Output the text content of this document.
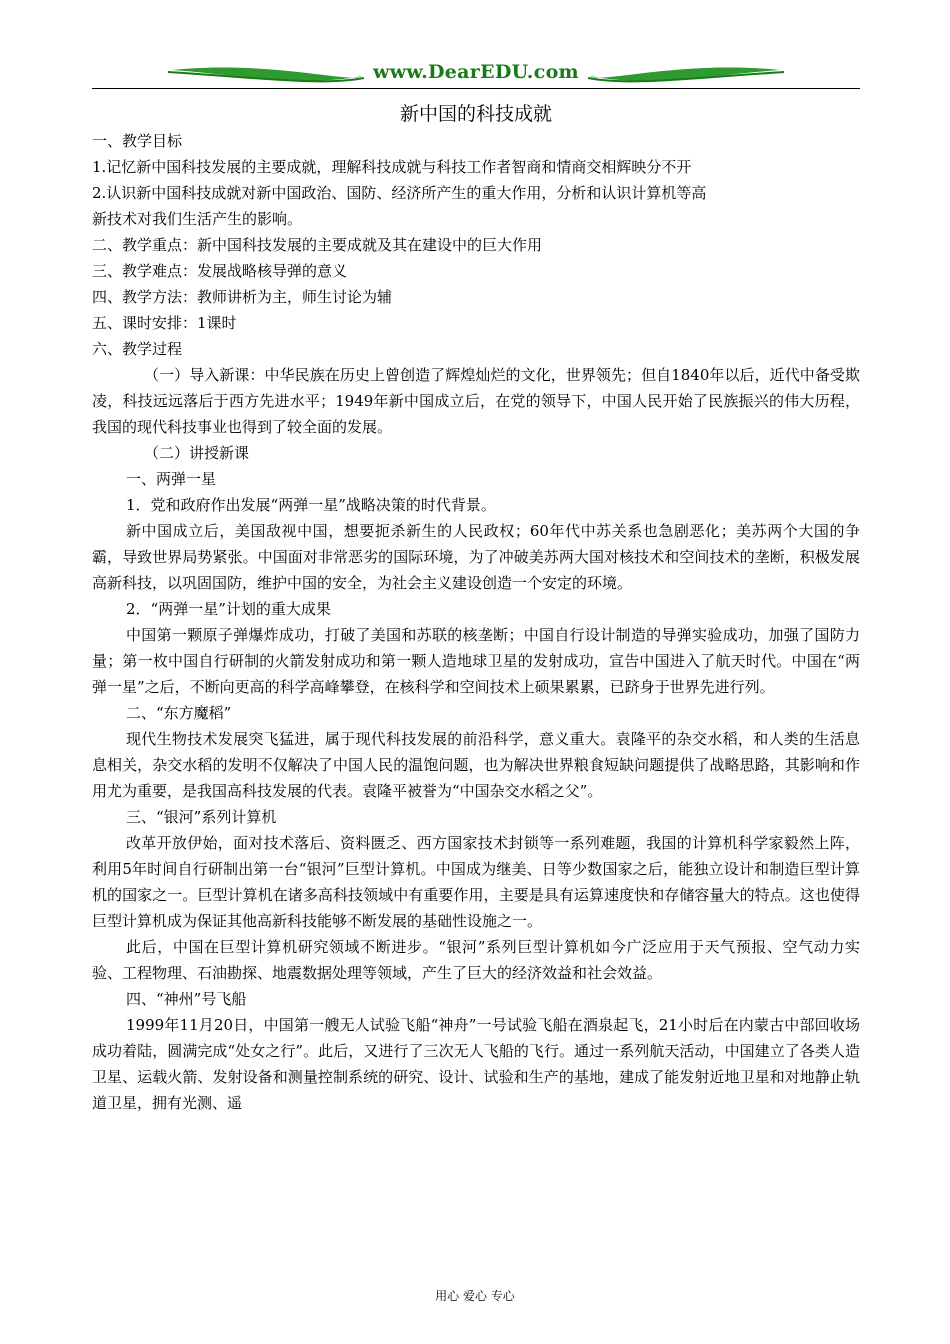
www.DearEDU.com
新中国的科技成就

一、教学目标

1.记忆新中国科技发展的主要成就，理解科技成就与科技工作者智商和情商交相辉映分不开

2.认识新中国科技成就对新中国政治、国防、经济所产生的重大作用，分析和认识计算机等高

新技术对我们生活产生的影响。

二、教学重点：新中国科技发展的主要成就及其在建设中的巨大作用

三、教学难点：发展战略核导弹的意义

四、教学方法：教师讲析为主，师生讨论为辅

五、课时安排：1课时

六、教学过程

（一）导入新课：中华民族在历史上曾创造了辉煌灿烂的文化，世界领先；但自1840年以后，近代中备受欺凌，科技远远落后于西方先进水平；1949年新中国成立后，在党的领导下，中国人民开始了民族振兴的伟大历程，我国的现代科技事业也得到了较全面的发展。

（二）讲授新课

一、两弹一星

1．党和政府作出发展“两弹一星”战略决策的时代背景。

新中国成立后，美国敌视中国，想要扼杀新生的人民政权；60年代中苏关系也急剧恶化；美苏两个大国的争霸，导致世界局势紧张。中国面对非常恶劣的国际环境，为了冲破美苏两大国对核技术和空间技术的垄断，积极发展高新科技，以巩固国防，维护中国的安全，为社会主义建设创造一个安定的环境。

2．“两弹一星”计划的重大成果

中国第一颗原子弹爆炸成功，打破了美国和苏联的核垄断；中国自行设计制造的导弹实验成功，加强了国防力量；第一枚中国自行研制的火箭发射成功和第一颗人造地球卫星的发射成功，宣告中国进入了航天时代。中国在“两弹一星”之后，不断向更高的科学高峰攀登，在核科学和空间技术上硕果累累，已跻身于世界先进行列。

二、“东方魔稻”

现代生物技术发展突飞猛进，属于现代科技发展的前沿科学，意义重大。袁隆平的杂交水稻，和人类的生活息息相关，杂交水稻的发明不仅解决了中国人民的温饱问题，也为解决世界粮食短缺问题提供了战略思路，其影响和作用尤为重要，是我国高科技发展的代表。袁隆平被誉为“中国杂交水稻之父”。

三、“银河”系列计算机

改革开放伊始，面对技术落后、资料匮乏、西方国家技术封锁等一系列难题，我国的计算机科学家毅然上阵，利用5年时间自行研制出第一台“银河”巨型计算机。中国成为继美、日等少数国家之后，能独立设计和制造巨型计算机的国家之一。巨型计算机在诸多高科技领域中有重要作用，主要是具有运算速度快和存储容量大的特点。这也使得巨型计算机成为保证其他高新科技能够不断发展的基础性设施之一。

此后，中国在巨型计算机研究领域不断进步。“银河”系列巨型计算机如今广泛应用于天气预报、空气动力实验、工程物理、石油勘探、地震数据处理等领域，产生了巨大的经济效益和社会效益。

四、“神州”号飞船

1999年11月20日，中国第一艘无人试验飞船“神舟”一号试验飞船在酒泉起飞，21小时后在内蒙古中部回收场成功着陆，圆满完成“处女之行”。此后，又进行了三次无人飞船的飞行。通过一系列航天活动，中国建立了各类人造卫星、运载火箭、发射设备和测量控制系统的研究、设计、试验和生产的基地，建成了能发射近地卫星和对地静止轨道卫星，拥有光测、遥

用心 爱心 专心
